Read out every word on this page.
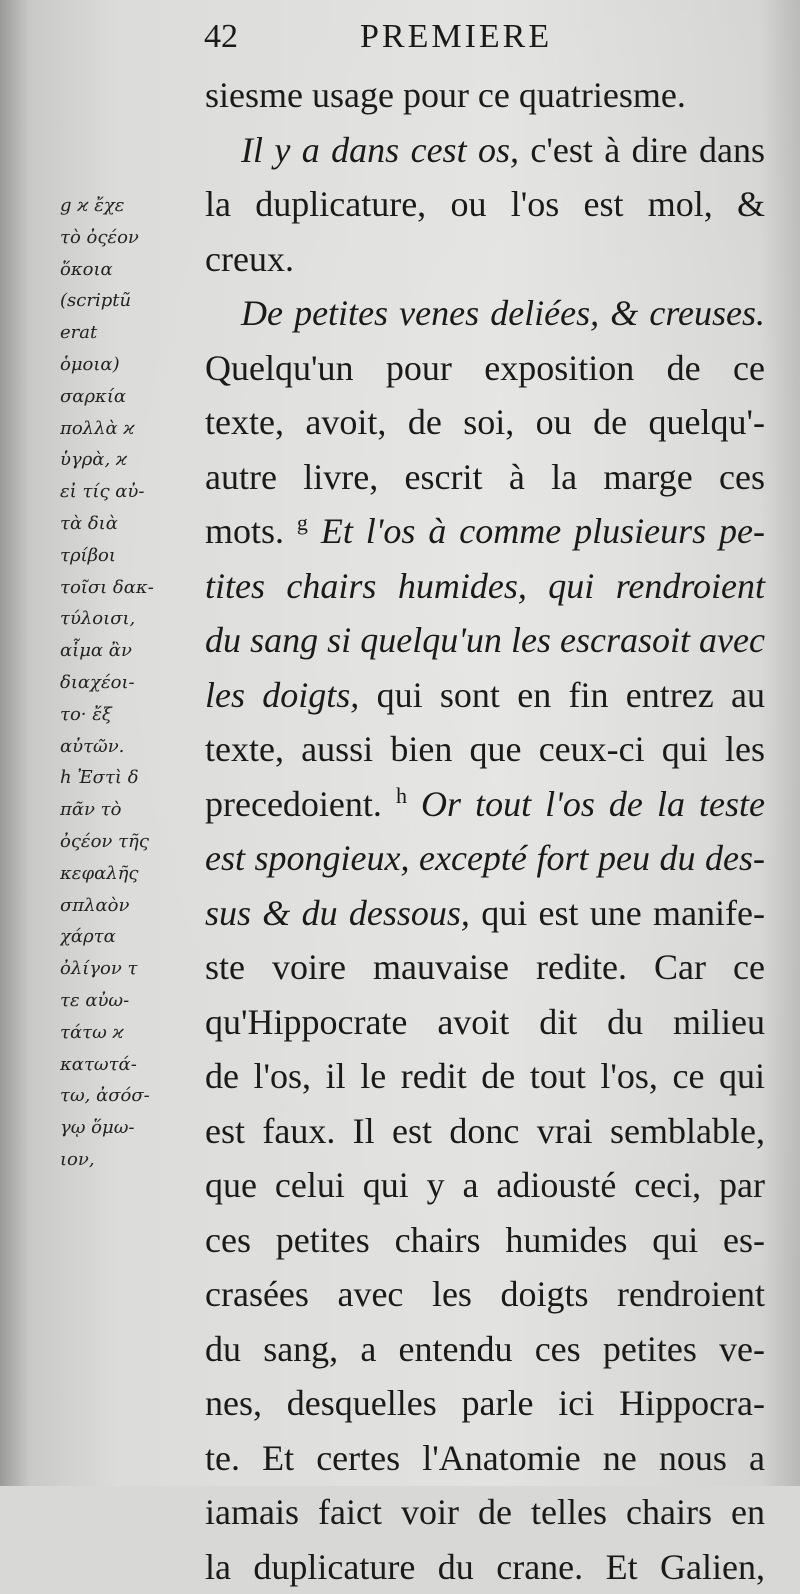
42	PREMIERE
siesme usage pour ce quatriesme.
Il y a dans cest os, c'est à dire dans
la duplicature, ou l'os est mol, &
creux.
De petites venes deliées, & creuses.
Quelqu'un pour exposition de ce
texte, avoit, de soi, ou de quelqu'-
autre livre, escrit à la marge ces
mots. $^g$ Et l'os à comme plusieurs pe-
tites chairs humides, qui rendroient
du sang si quelqu'un les escrasoit avec
les doigts, qui sont en fin entrez au
texte, aussi bien que ceux-ci qui les
precedoient. $^h$ Or tout l'os de la teste
est spongieux, excepté fort peu du des-
sus & du dessous, qui est une manife-
ste voire mauvaise redite. Car ce
qu'Hippocrate avoit dit du milieu
de l'os, il le redit de tout l'os, ce qui
est faux. Il est donc vrai semblable,
que celui qui y a adiousté ceci, par
ces petites chairs humides qui es-
crasées avec les doigts rendroient
du sang, a entendu ces petites ve-
nes, desquelles parle ici Hippocra-
te. Et certes l'Anatomie ne nous a
iamais faict voir de telles chairs en
la duplicature du crane. Et Galien,
g ϰ ἔχε
τὸ ὀςέον
ὅκοια
(scriptũ
erat
ὁμοια)
σαρκία
πολλὰ ϰ
ὑγρὰ, ϰ
εἰ τίς αὐ-
τὰ διὰ
τρίβοι
τοῖσι δακ-
τύλοισι,
αἷμα ἂν
διαχέοι-
το· ἔξ
αὐτῶν.
h Ἐστὶ δ
πᾶν τὸ
ὀςέον τῆς
κεφαλῆς
σπλαὸν
χάρτα
ὀλίγον τ
τε αὐω-
τάτω ϰ
κατωτά-
τω, ἀσόσ-
γῳ ὅμω-
ιον,
